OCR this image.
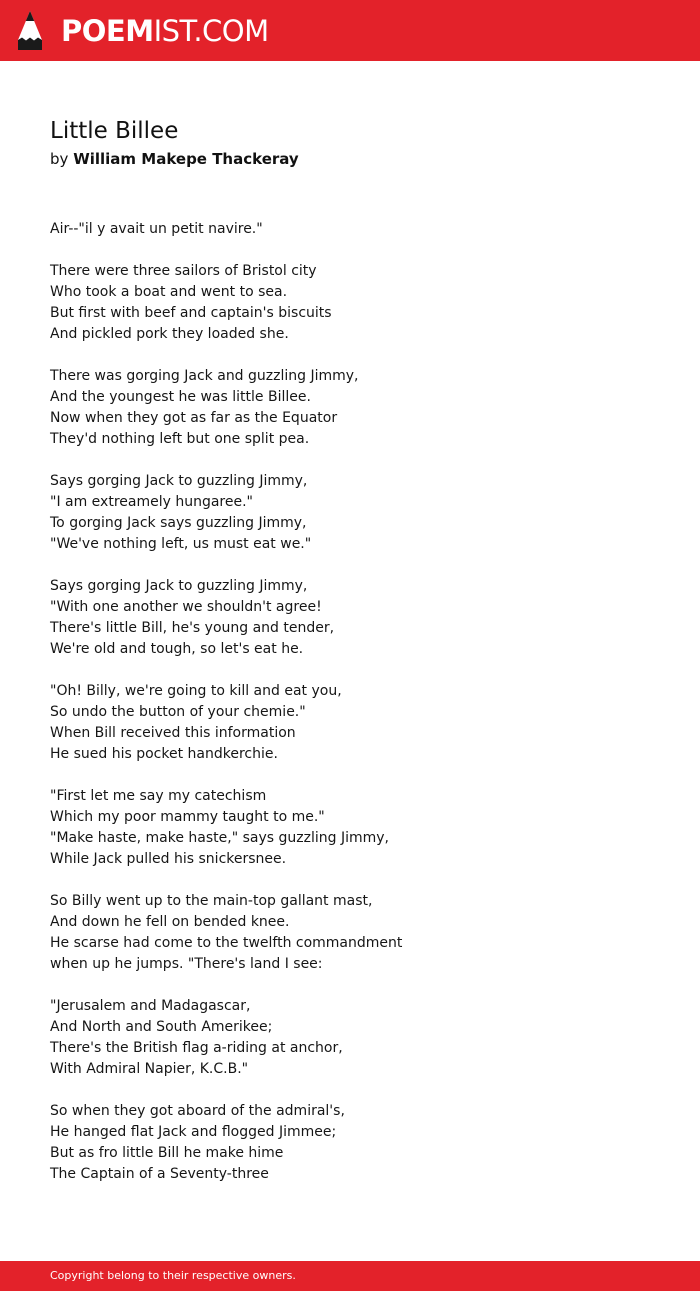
POEMIST.COM
Little Billee
by William Makepe Thackeray
Air--"il y avait un petit navire."
There were three sailors of Bristol city
Who took a boat and went to sea.
But first with beef and captain's biscuits
And pickled pork they loaded she.
There was gorging Jack and guzzling Jimmy,
And the youngest he was little Billee.
Now when they got as far as the Equator
They'd nothing left but one split pea.
Says gorging Jack to guzzling Jimmy,
"I am extreamely hungaree."
To gorging Jack says guzzling Jimmy,
"We've nothing left, us must eat we."
Says gorging Jack to guzzling Jimmy,
"With one another we shouldn't agree!
There's little Bill, he's young and tender,
We're old and tough, so let's eat he.
"Oh! Billy, we're going to kill and eat you,
So undo the button of your chemie."
When Bill received this information
He sued his pocket handkerchie.
"First let me say my catechism
Which my poor mammy taught to me."
"Make haste, make haste," says guzzling Jimmy,
While Jack pulled his snickersnee.
So Billy went up to the main-top gallant mast,
And down he fell on bended knee.
He scarse had come to the twelfth commandment
when up he jumps. "There's land I see:
"Jerusalem and Madagascar,
And North and South Amerikee;
There's the British flag a-riding at anchor,
With Admiral Napier, K.C.B."
So when they got aboard of the admiral's,
He hanged flat Jack and flogged Jimmee;
But as fro little Bill he make hime
The Captain of a Seventy-three
Copyright belong to their respective owners.
